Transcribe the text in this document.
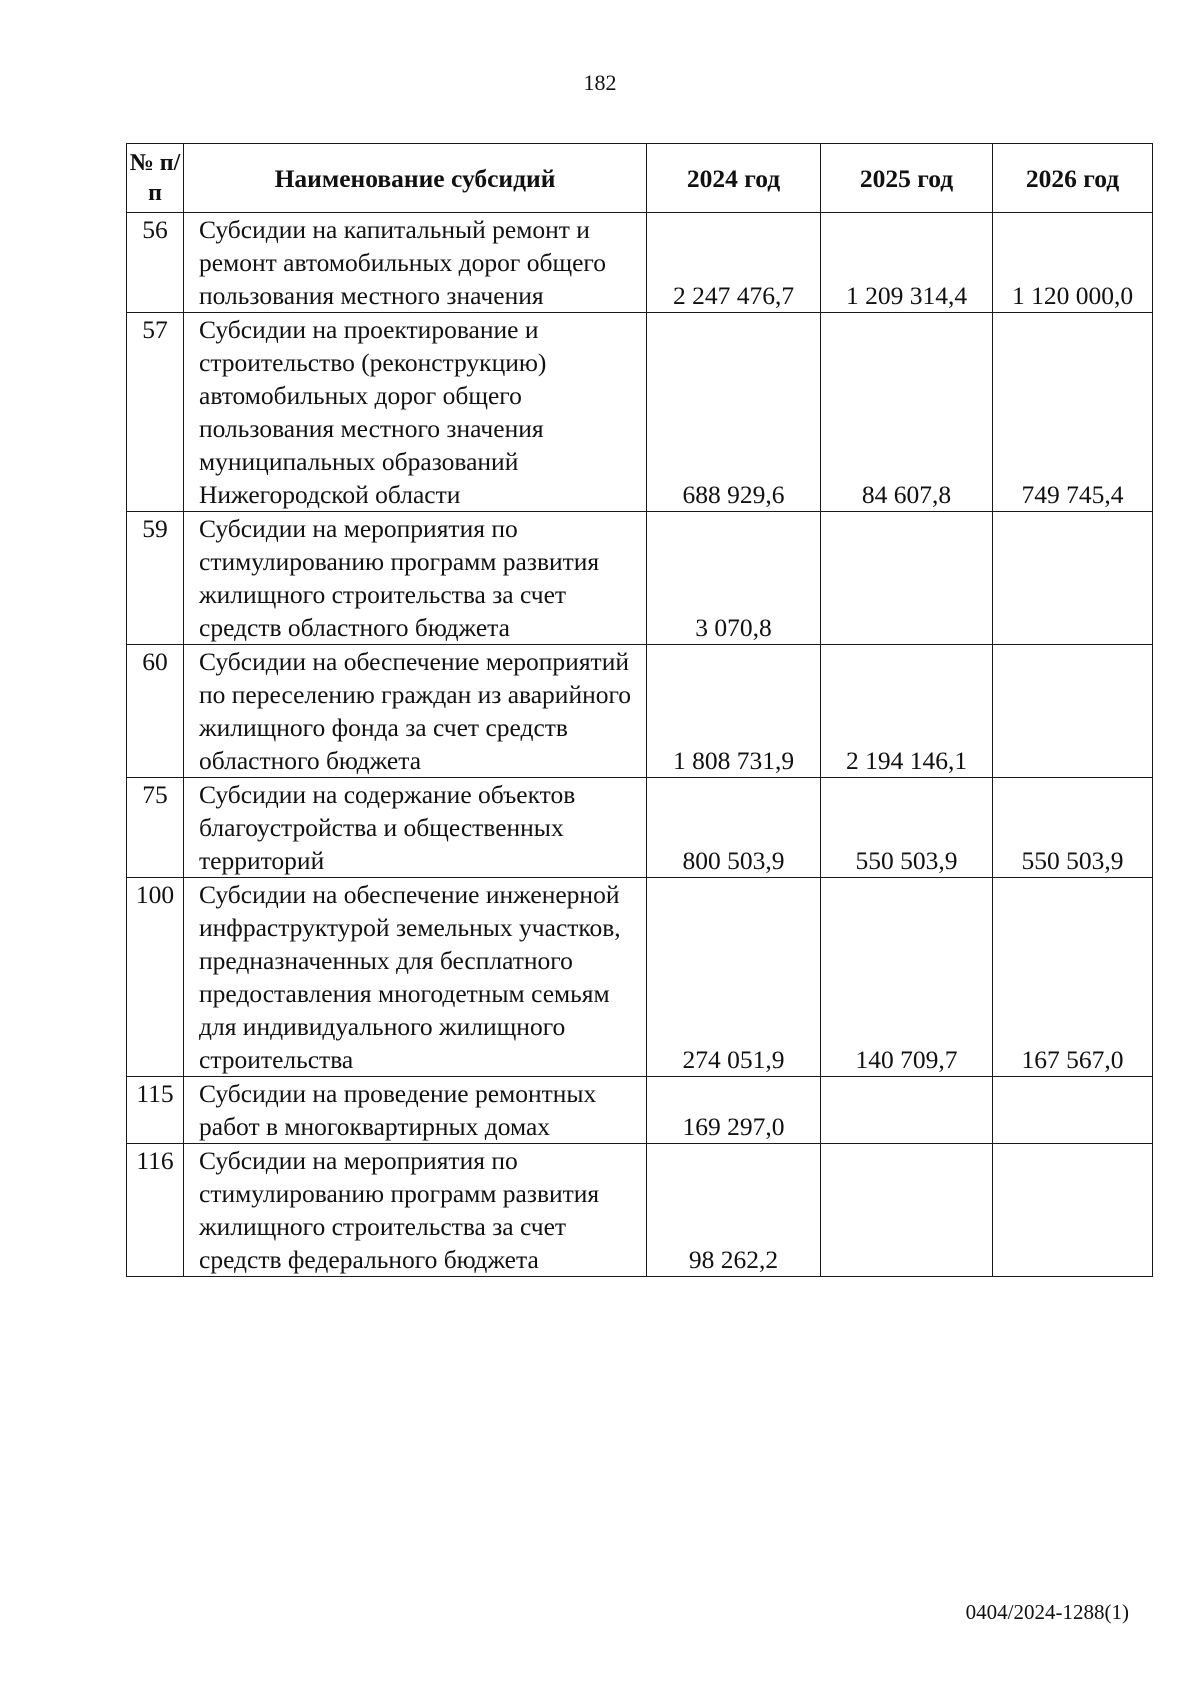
182
№ п/п	Наименование субсидий	2024 год	2025 год	2026 год
56	Субсидии на капитальный ремонт и ремонт автомобильных дорог общего пользования местного значения	2 247 476,7	1 209 314,4	1 120 000,0
57	Субсидии на проектирование и строительство (реконструкцию) автомобильных дорог общего пользования местного значения муниципальных образований Нижегородской области	688 929,6	84 607,8	749 745,4
59	Субсидии на мероприятия по стимулированию программ развития жилищного строительства за счет средств областного бюджета	3 070,8		
60	Субсидии на обеспечение мероприятий по переселению граждан из аварийного жилищного фонда за счет средств областного бюджета	1 808 731,9	2 194 146,1	
75	Субсидии на содержание объектов благоустройства и общественных территорий	800 503,9	550 503,9	550 503,9
100	Субсидии на обеспечение инженерной инфраструктурой земельных участков, предназначенных для бесплатного предоставления многодетным семьям для индивидуального жилищного строительства	274 051,9	140 709,7	167 567,0
115	Субсидии на проведение ремонтных работ в многоквартирных домах	169 297,0		
116	Субсидии на мероприятия по стимулированию программ развития жилищного строительства за счет средств федерального бюджета	98 262,2		
0404/2024-1288(1)
